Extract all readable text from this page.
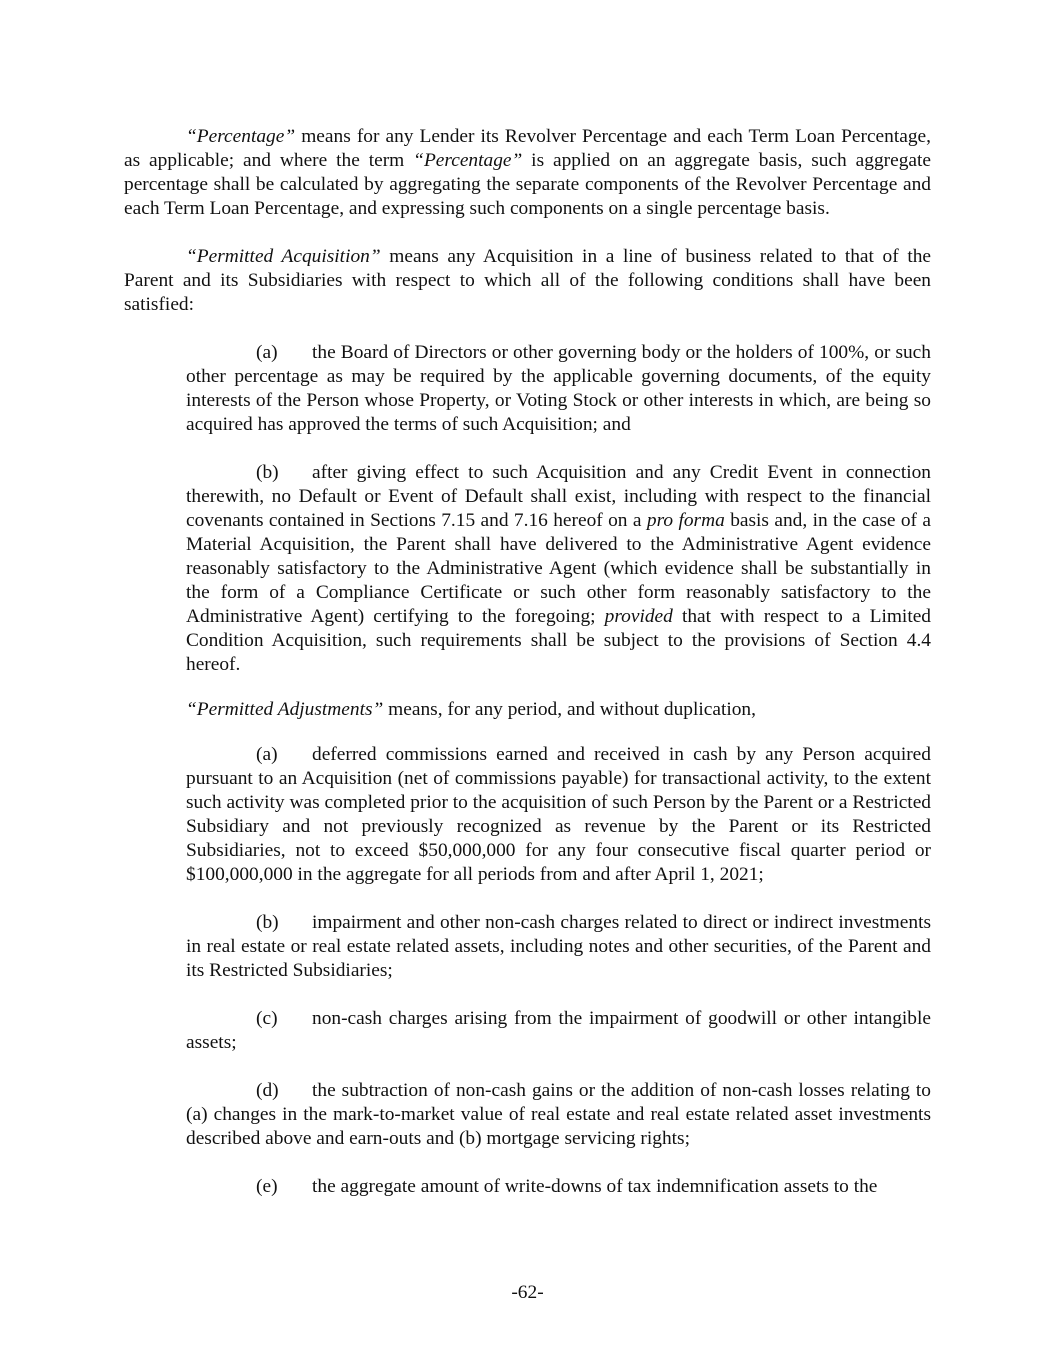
“Percentage” means for any Lender its Revolver Percentage and each Term Loan Percentage, as applicable; and where the term “Percentage” is applied on an aggregate basis, such aggregate percentage shall be calculated by aggregating the separate components of the Revolver Percentage and each Term Loan Percentage, and expressing such components on a single percentage basis.

“Permitted Acquisition” means any Acquisition in a line of business related to that of the Parent and its Subsidiaries with respect to which all of the following conditions shall have been satisfied:

(a) the Board of Directors or other governing body or the holders of 100%, or such other percentage as may be required by the applicable governing documents, of the equity interests of the Person whose Property, or Voting Stock or other interests in which, are being so acquired has approved the terms of such Acquisition; and

(b) after giving effect to such Acquisition and any Credit Event in connection therewith, no Default or Event of Default shall exist, including with respect to the financial covenants contained in Sections 7.15 and 7.16 hereof on a pro forma basis and, in the case of a Material Acquisition, the Parent shall have delivered to the Administrative Agent evidence reasonably satisfactory to the Administrative Agent (which evidence shall be substantially in the form of a Compliance Certificate or such other form reasonably satisfactory to the Administrative Agent) certifying to the foregoing; provided that with respect to a Limited Condition Acquisition, such requirements shall be subject to the provisions of Section 4.4 hereof.

“Permitted Adjustments” means, for any period, and without duplication,

(a) deferred commissions earned and received in cash by any Person acquired pursuant to an Acquisition (net of commissions payable) for transactional activity, to the extent such activity was completed prior to the acquisition of such Person by the Parent or a Restricted Subsidiary and not previously recognized as revenue by the Parent or its Restricted Subsidiaries, not to exceed $50,000,000 for any four consecutive fiscal quarter period or $100,000,000 in the aggregate for all periods from and after April 1, 2021;

(b) impairment and other non-cash charges related to direct or indirect investments in real estate or real estate related assets, including notes and other securities, of the Parent and its Restricted Subsidiaries;

(c) non-cash charges arising from the impairment of goodwill or other intangible assets;

(d) the subtraction of non-cash gains or the addition of non-cash losses relating to (a) changes in the mark-to-market value of real estate and real estate related asset investments described above and earn-outs and (b) mortgage servicing rights;

(e) the aggregate amount of write-downs of tax indemnification assets to the

-62-
